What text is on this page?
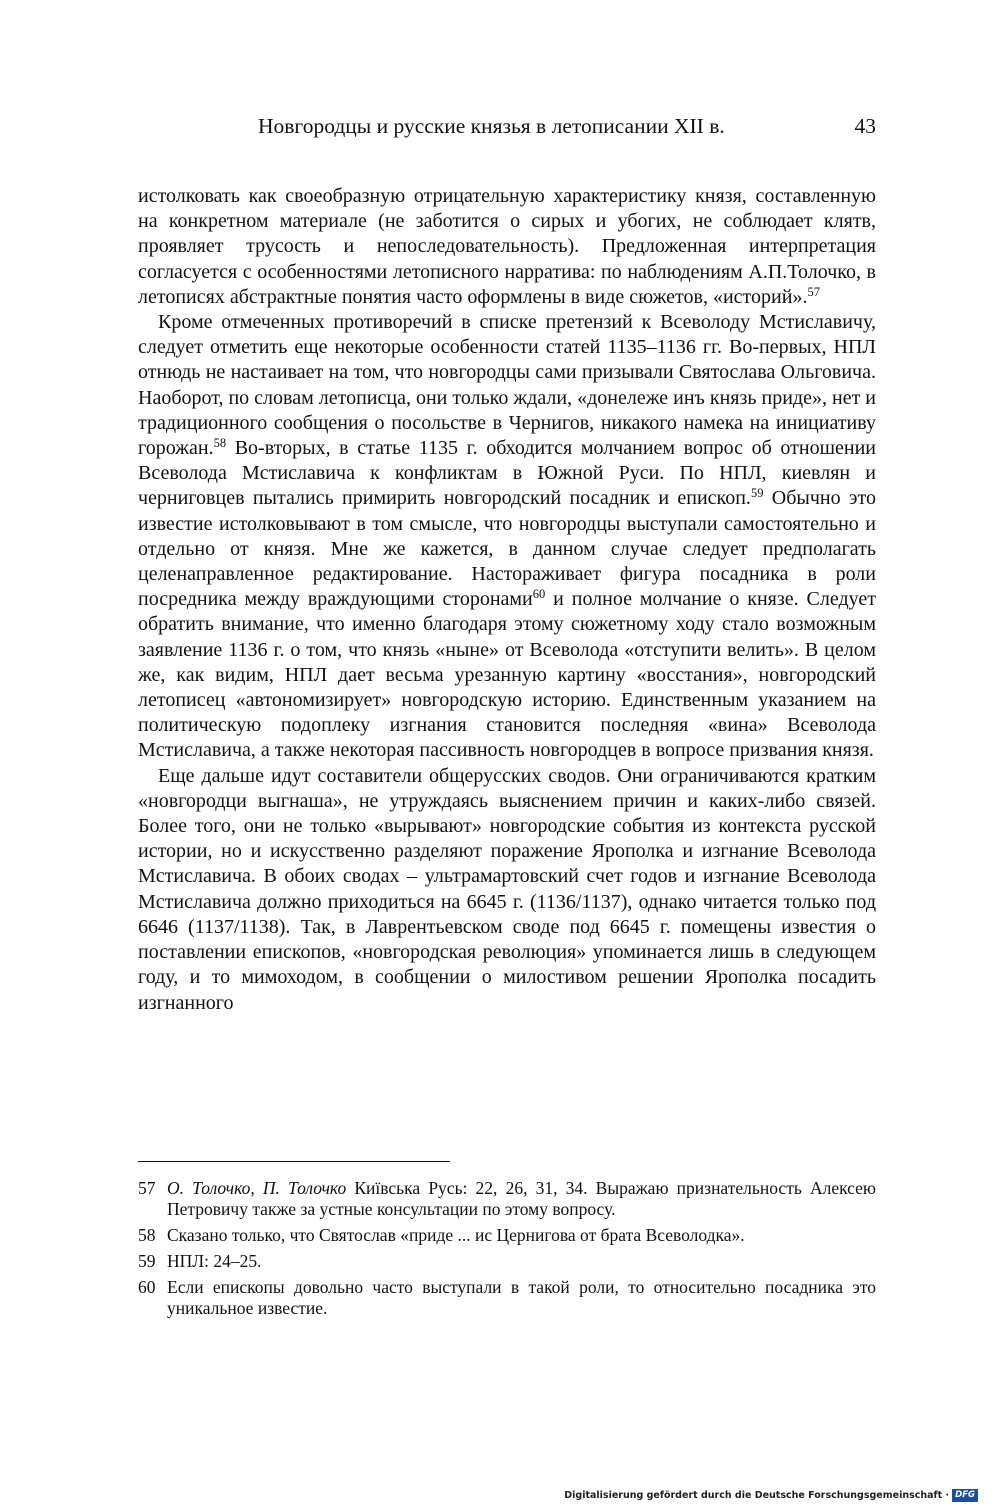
Новгородцы и русские князья в летописании XII в.	43

истолковать как своеобразную отрицательную характеристику князя, составленную на конкретном материале (не заботится о сирых и убогих, не соблюдает клятв, проявляет трусость и непоследовательность). Предложенная интерпретация согласуется с особенностями летописного нарратива: по наблюдениям А.П.Толочко, в летописях абстрактные понятия часто оформлены в виде сюжетов, «историй».$^{57}$

Кроме отмеченных противоречий в списке претензий к Всеволоду Мстиславичу, следует отметить еще некоторые особенности статей 1135–1136 гг. Во-первых, НПЛ отнюдь не настаивает на том, что новгородцы сами призывали Святослава Ольговича. Наоборот, по словам летописца, они только ждали, «донележе инъ князь приде», нет и традиционного сообщения о посольстве в Чернигов, никакого намека на инициативу горожан.$^{58}$ Во-вторых, в статье 1135 г. обходится молчанием вопрос об отношении Всеволода Мстиславича к конфликтам в Южной Руси. По НПЛ, киевлян и черниговцев пытались примирить новгородский посадник и епископ.$^{59}$ Обычно это известие истолковывают в том смысле, что новгородцы выступали самостоятельно и отдельно от князя. Мне же кажется, в данном случае следует предполагать целенаправленное редактирование. Настораживает фигура посадника в роли посредника между враждующими сторонами$^{60}$ и полное молчание о князе. Следует обратить внимание, что именно благодаря этому сюжетному ходу стало возможным заявление 1136 г. о том, что князь «ныне» от Всеволода «отступити велить». В целом же, как видим, НПЛ дает весьма урезанную картину «восстания», новгородский летописец «автономизирует» новгородскую историю. Единственным указанием на политическую подоплеку изгнания становится последняя «вина» Всеволода Мстиславича, а также некоторая пассивность новгородцев в вопросе призвания князя.

Еще дальше идут составители общерусских сводов. Они ограничиваются кратким «новгородци выгнаша», не утруждаясь выяснением причин и каких-либо связей. Более того, они не только «вырывают» новгородские события из контекста русской истории, но и искусственно разделяют поражение Ярополка и изгнание Всеволода Мстиславича. В обоих сводах – ультрамартовский счет годов и изгнание Всеволода Мстиславича должно приходиться на 6645 г. (1136/1137), однако читается только под 6646 (1137/1138). Так, в Лаврентьевском своде под 6645 г. помещены известия о поставлении епископов, «новгородская революция» упоминается лишь в следующем году, и то мимоходом, в сообщении о милостивом решении Ярополка посадить изгнанного

57 О. Толочко, П. Толочко Київська Русь: 22, 26, 31, 34. Выражаю признательность Алексею Петровичу также за устные консультации по этому вопросу.
58 Сказано только, что Святослав «приде ... ис Цернигова от брата Всеволодка».
59 НПЛ: 24–25.
60 Если епископы довольно часто выступали в такой роли, то относительно посадника это уникальное известие.
Digitalisierung gefördert durch die Deutsche Forschungsgemeinschaft · DFG
